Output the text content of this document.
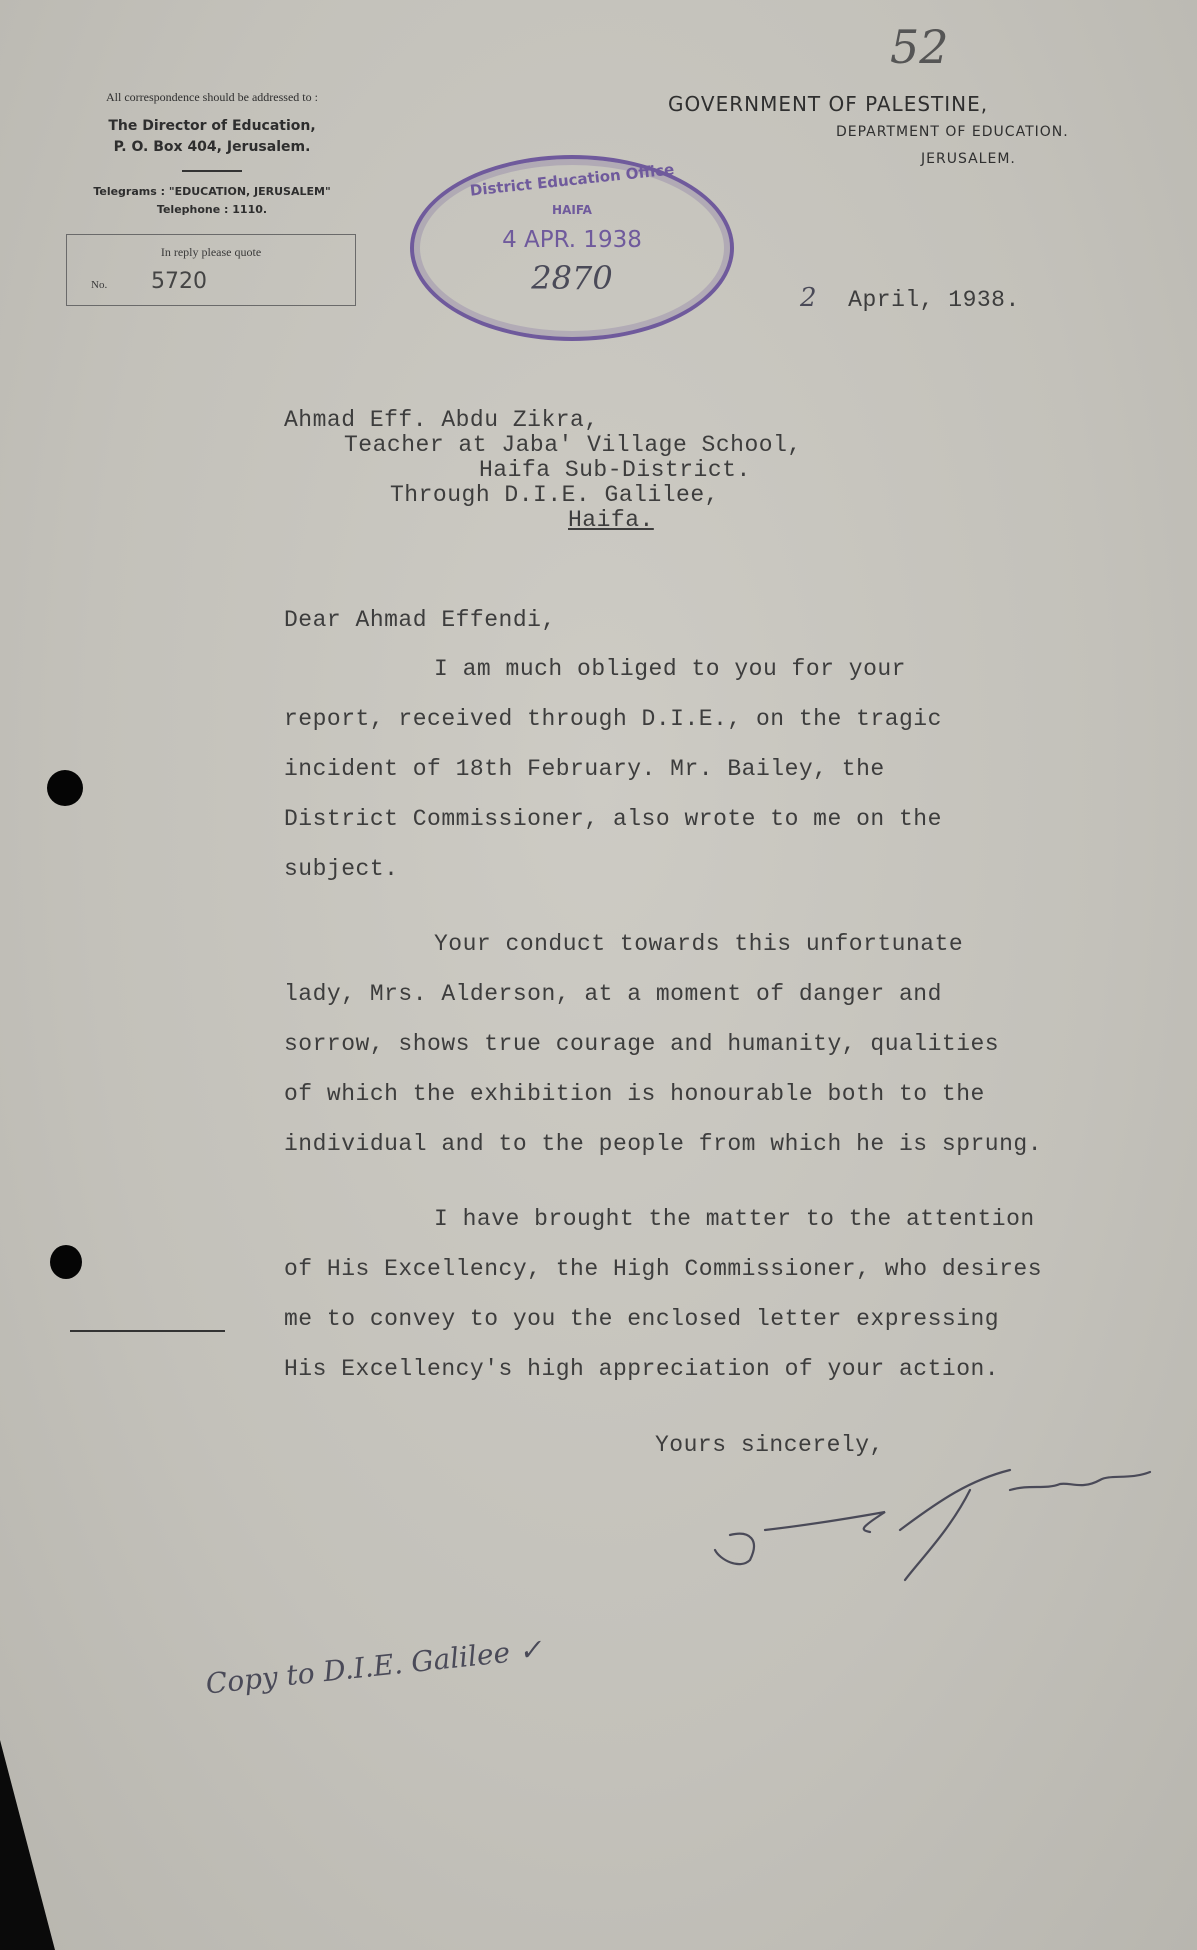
52
All correspondence should be addressed to :
The Director of Education,
P. O. Box 404, Jerusalem.
Telegrams : "EDUCATION, JERUSALEM"
Telephone : 1110.
In reply please quote
No. 5720
District Education Office
HAIFA
4 APR. 1938
2870
GOVERNMENT OF PALESTINE,
DEPARTMENT OF EDUCATION.
JERUSALEM.
2 April, 1938.
Ahmad Eff. Abdu Zikra,
Teacher at Jaba' Village School,
Haifa Sub-District.
Through D.I.E. Galilee,
Haifa.
Dear Ahmad Effendi,
I am much obliged to you for your
report, received through D.I.E., on the tragic
incident of 18th February. Mr. Bailey, the
District Commissioner, also wrote to me on the
subject.
Your conduct towards this unfortunate
lady, Mrs. Alderson, at a moment of danger and
sorrow, shows true courage and humanity, qualities
of which the exhibition is honourable both to the
individual and to the people from which he is sprung.
I have brought the matter to the attention
of His Excellency, the High Commissioner, who desires
me to convey to you the enclosed letter expressing
His Excellency's high appreciation of your action.
Yours sincerely,
Copy to D.I.E. Galilee ✓
